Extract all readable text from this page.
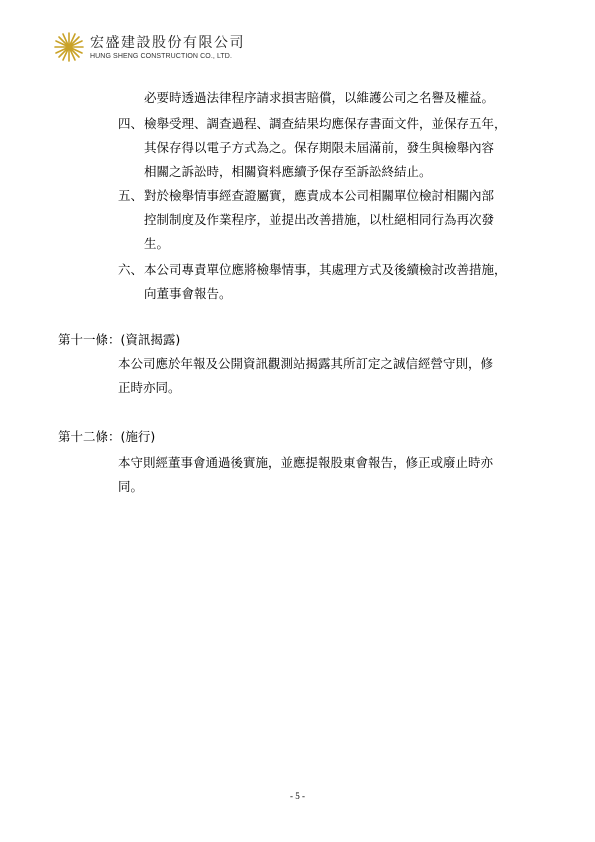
宏盛建設股份有限公司
HUNG SHENG CONSTRUCTION CO., LTD.
必要時透過法律程序請求損害賠償，以維護公司之名譽及權益。
四、 檢舉受理、調查過程、調查結果均應保存書面文件，並保存五年，
其保存得以電子方式為之。保存期限未屆滿前，發生與檢舉內容
相關之訴訟時，相關資料應續予保存至訴訟終結止。
五、 對於檢舉情事經查證屬實，應責成本公司相關單位檢討相關內部
控制制度及作業程序，並提出改善措施，以杜絕相同行為再次發
生。
六、 本公司專責單位應將檢舉情事，其處理方式及後續檢討改善措施，
向董事會報告。
第十一條：(資訊揭露)
本公司應於年報及公開資訊觀測站揭露其所訂定之誠信經營守則，修
正時亦同。
第十二條：(施行)
本守則經董事會通過後實施，並應提報股東會報告，修正或廢止時亦
同。
- 5 -
